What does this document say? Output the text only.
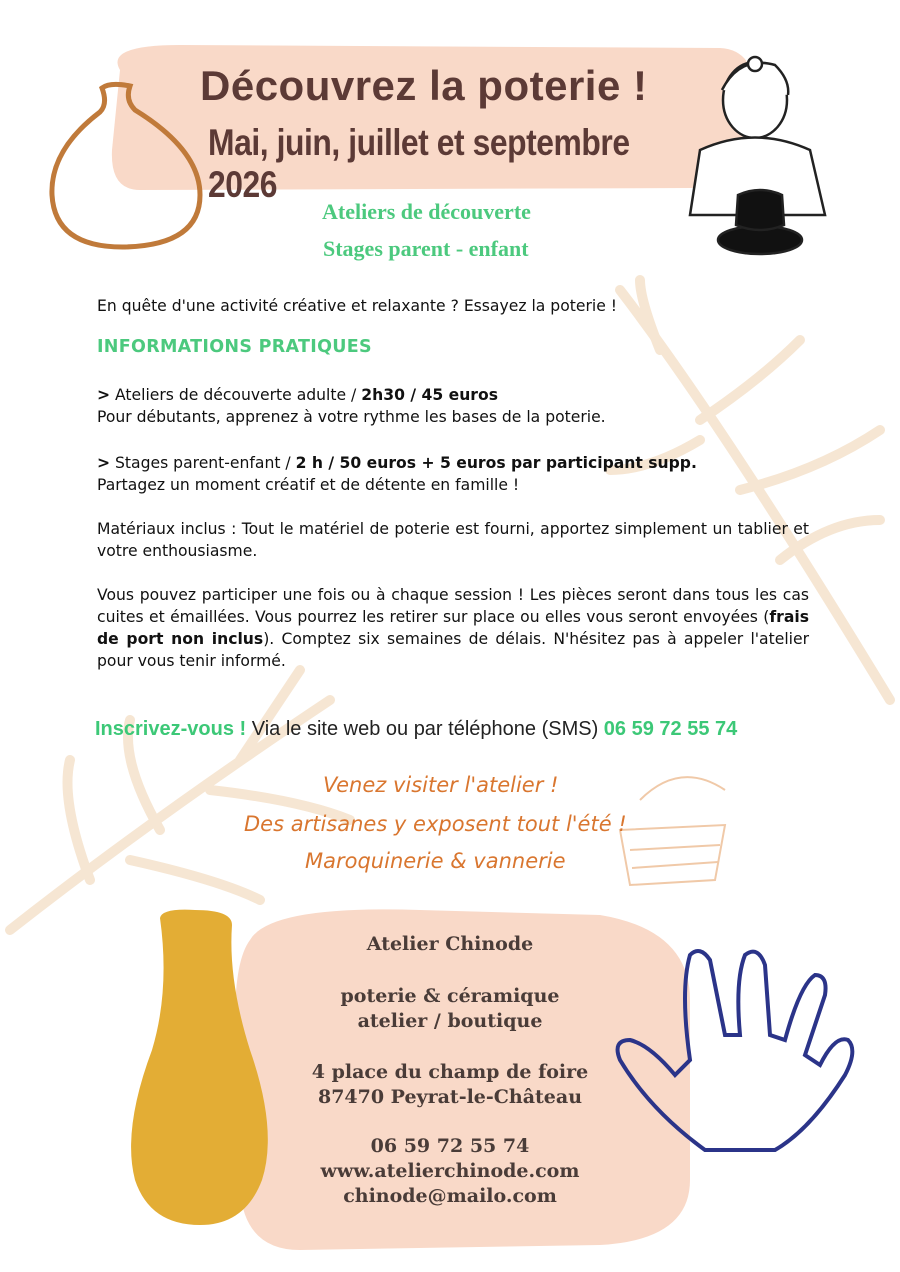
Découvrez la poterie !
Mai, juin, juillet et septembre 2026
Ateliers de découverte
Stages parent - enfant
En quête d'une activité créative et relaxante ? Essayez la poterie !
INFORMATIONS PRATIQUES
> Ateliers de découverte adulte / 2h30 / 45 euros
Pour débutants, apprenez à votre rythme les bases de la poterie.
> Stages parent-enfant / 2 h / 50 euros + 5 euros par participant supp.
Partagez un moment créatif et de détente en famille !
Matériaux inclus : Tout le matériel de poterie est fourni, apportez simplement un tablier et votre enthousiasme.
Vous pouvez participer une fois ou à chaque session ! Les pièces seront dans tous les cas cuites et émaillées. Vous pourrez les retirer sur place ou elles vous seront envoyées (frais de port non inclus). Comptez six semaines de délais. N'hésitez pas à appeler l'atelier pour vous tenir informé.
Inscrivez-vous ! Via le site web ou par téléphone (SMS) 06 59 72 55 74
Venez visiter l'atelier !
Des artisanes y exposent tout l'été !
Maroquinerie & vannerie
Atelier Chinode
poterie & céramique
atelier / boutique
4 place du champ de foire
87470 Peyrat-le-Château
06 59 72 55 74
www.atelierchinode.com
chinode@mailo.com
